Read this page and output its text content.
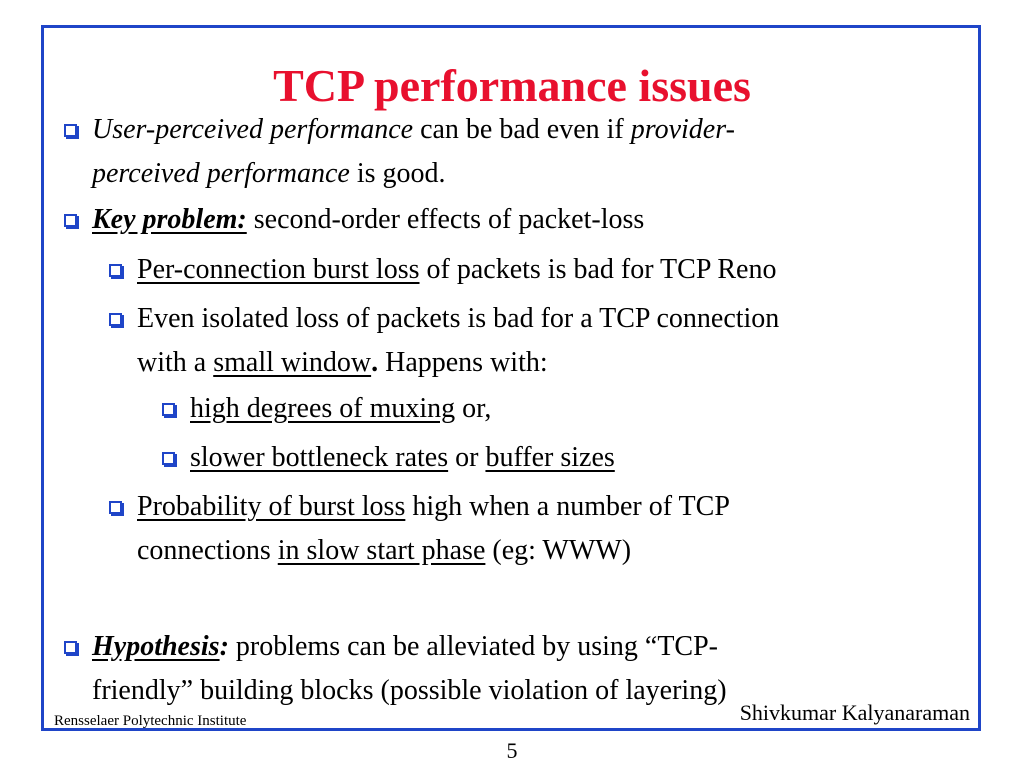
TCP performance issues
User-perceived performance can be bad even if provider-
perceived performance is good.
Key problem: second-order effects of packet-loss
Per-connection burst loss of packets is bad for TCP Reno
Even isolated loss of packets is bad for a TCP connection
with a small window. Happens with:
high degrees of muxing or,
slower bottleneck rates or buffer sizes
Probability of burst loss high when a number of TCP
connections in slow start phase (eg: WWW)
Hypothesis: problems can be alleviated by using “TCP-
friendly” building blocks (possible violation of layering)
Rensselaer Polytechnic Institute	Shivkumar Kalyanaraman
5
